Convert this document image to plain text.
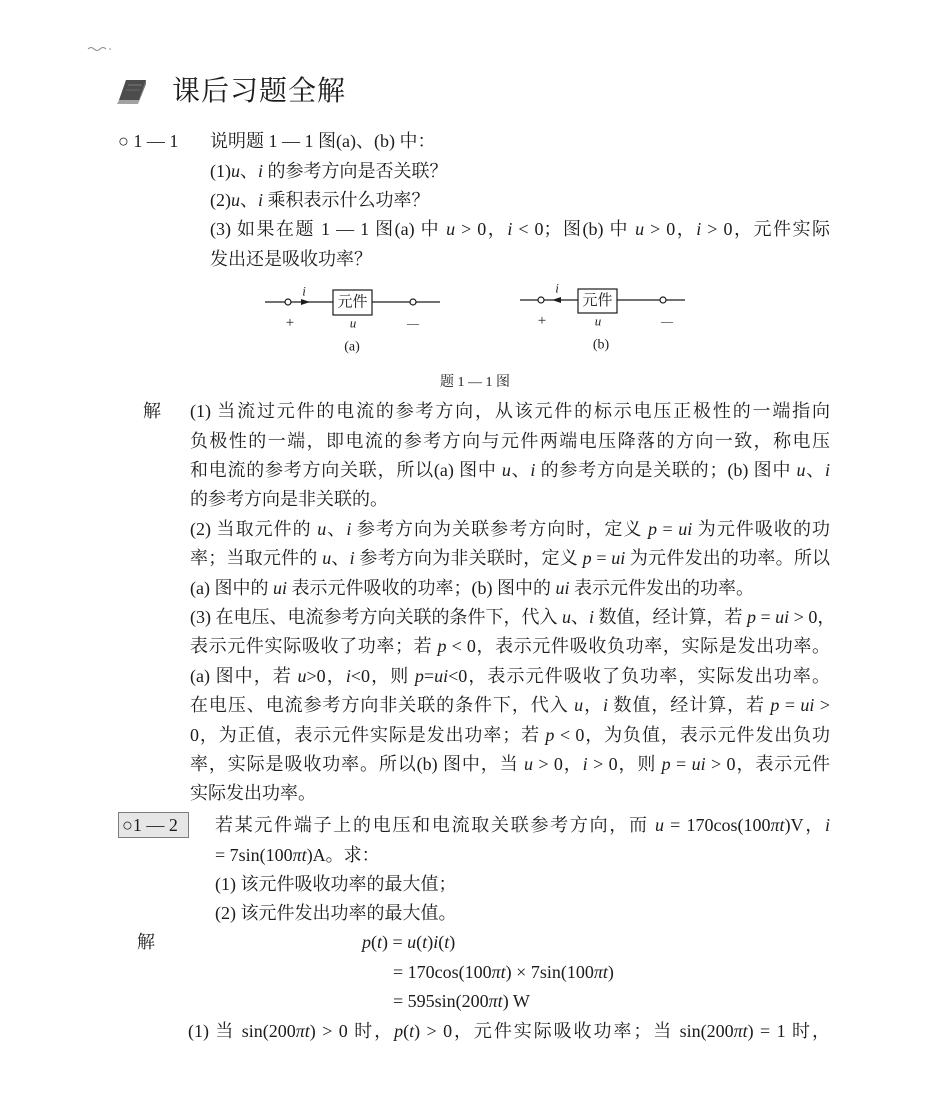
课后习题全解
○ 1 — 1 说明题 1 — 1 图(a)、(b) 中：
(1)u、i 的参考方向是否关联？
(2)u、i 乘积表示什么功率？
(3) 如果在题 1 — 1 图(a) 中 u > 0，i < 0；图(b) 中 u > 0，i > 0，元件实际
发出还是吸收功率？
i
元件
+	u	—
(a)
i
元件
+	u	—
(b)
题 1 — 1 图
解 (1) 当流过元件的电流的参考方向，从该元件的标示电压正极性的一端指向
负极性的一端，即电流的参考方向与元件两端电压降落的方向一致，称电压
和电流的参考方向关联，所以(a) 图中 u、i 的参考方向是关联的；(b) 图中 u、i
的参考方向是非关联的。
(2) 当取元件的 u、i 参考方向为关联参考方向时，定义 p = ui 为元件吸收的功
率；当取元件的 u、i 参考方向为非关联时，定义 p = ui 为元件发出的功率。所以
(a) 图中的 ui 表示元件吸收的功率；(b) 图中的 ui 表示元件发出的功率。
(3) 在电压、电流参考方向关联的条件下，代入 u、i 数值，经计算，若 p = ui > 0，
表示元件实际吸收了功率；若 p < 0，表示元件吸收负功率，实际是发出功率。
(a) 图中，若 u>0，i<0，则 p=ui<0，表示元件吸收了负功率，实际发出功率。
在电压、电流参考方向非关联的条件下，代入 u，i 数值，经计算，若 p = ui >
0，为正值，表示元件实际是发出功率；若 p < 0，为负值，表示元件发出负功
率，实际是吸收功率。所以(b) 图中，当 u > 0，i > 0，则 p = ui > 0，表示元件
实际发出功率。
○1 — 2	若某元件端子上的电压和电流取关联参考方向，而 u = 170cos(100πt)V，i
= 7sin(100πt)A。求：
(1) 该元件吸收功率的最大值；
(2) 该元件发出功率的最大值。
解	p(t) = u(t)i(t)
= 170cos(100πt) × 7sin(100πt)
= 595sin(200πt) W
(1) 当 sin(200πt) > 0 时，p(t) > 0，元件实际吸收功率；当 sin(200πt) = 1 时，
